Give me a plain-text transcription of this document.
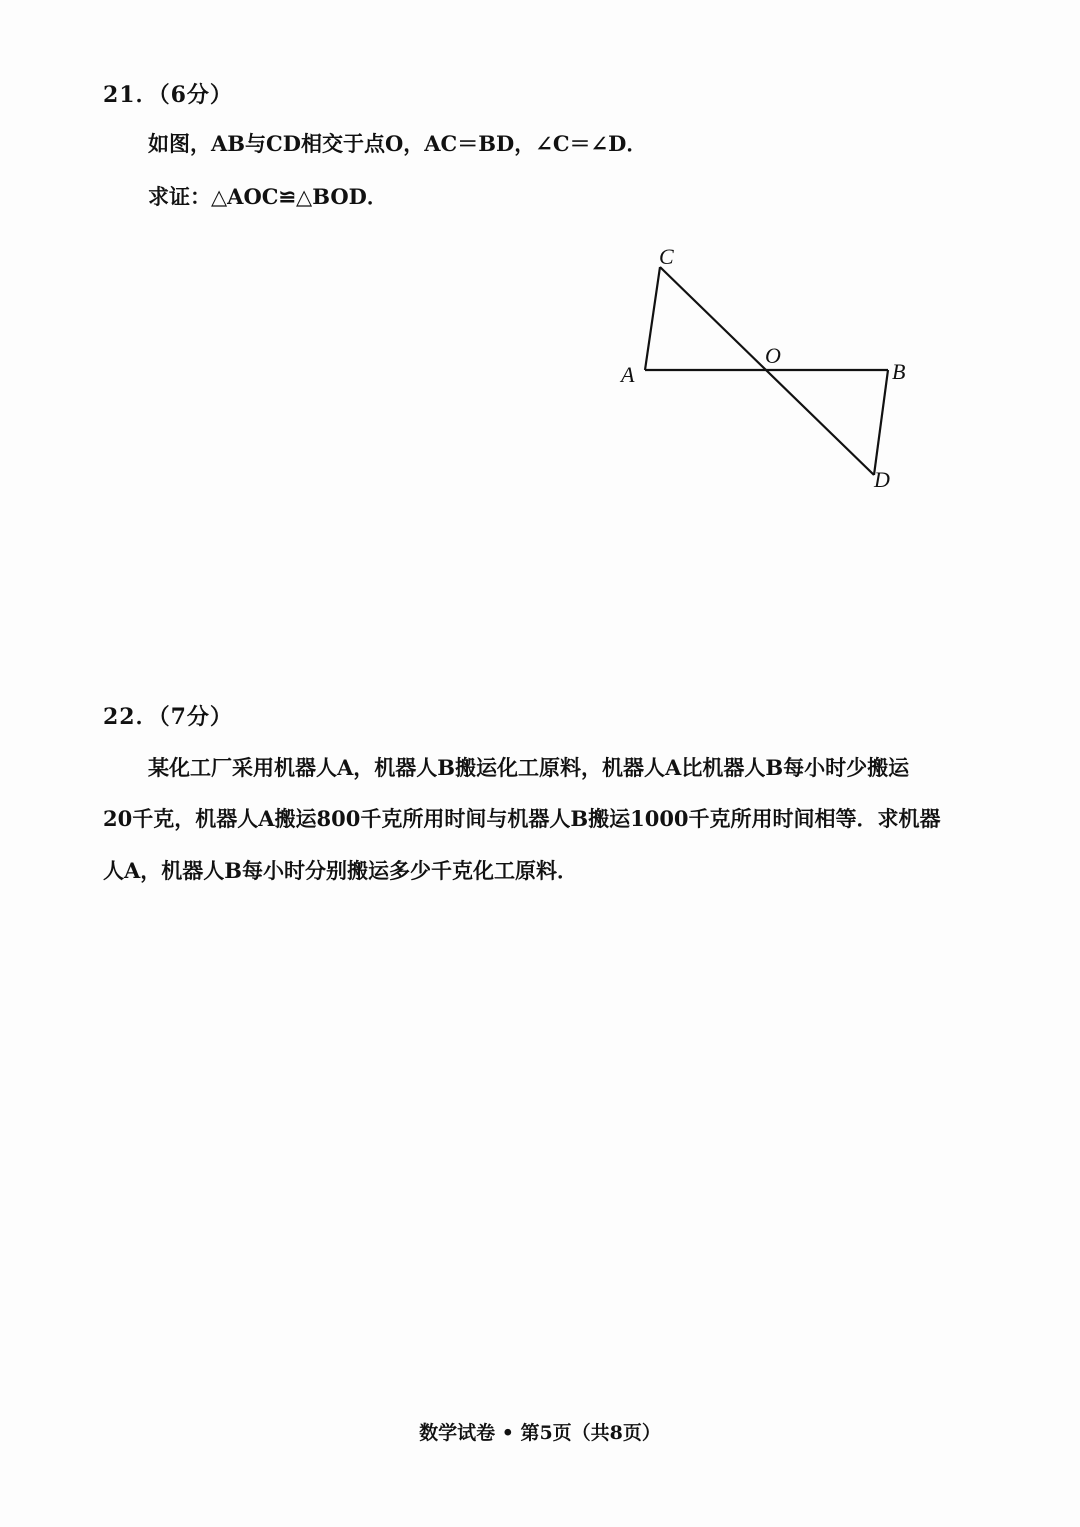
21．（6分）
如图，AB与CD相交于点O，AC＝BD，∠C＝∠D．
求证：△AOC≌△BOD．
C
A
O
B
D
22．（7分）
某化工厂采用机器人A，机器人B搬运化工原料，机器人A比机器人B每小时少搬运
20千克，机器人A搬运800千克所用时间与机器人B搬运1000千克所用时间相等．求机器
人A，机器人B每小时分别搬运多少千克化工原料．
数学试卷 • 第5页（共8页）
